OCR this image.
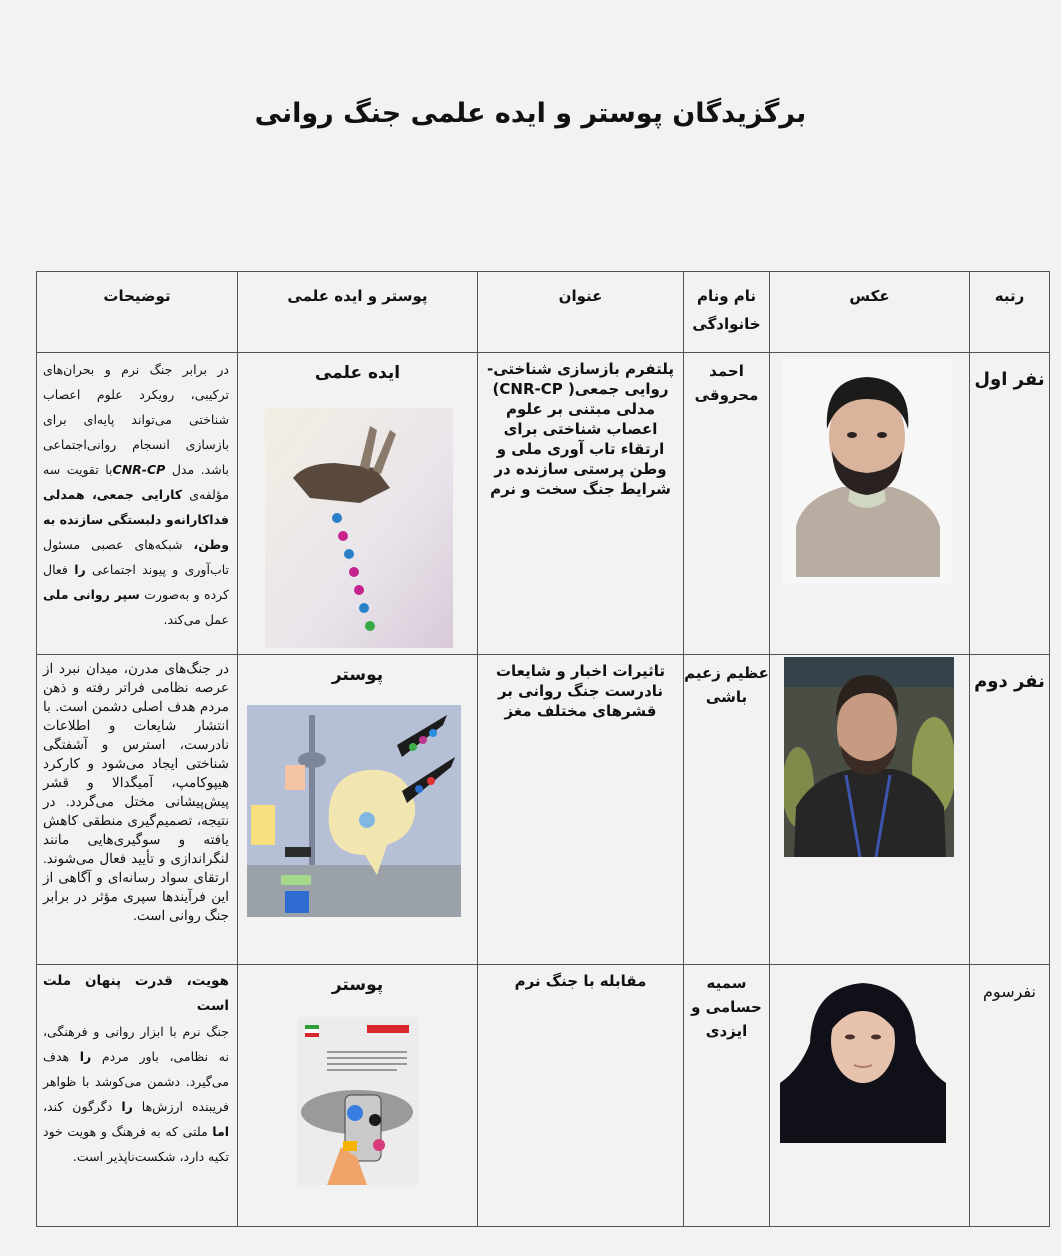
برگزیدگان پوستر و ایده علمی جنگ روانی
رتبه	عکس	نام ونام خانوادگی	عنوان	پوستر و ایده علمی	توضیحات
نفر اول		احمد محروقی	پلتفرم بازسازی شناختی- روایی جمعی( CNR-CP) مدلی مبتنی بر علوم اعصاب شناختی برای ارتقاء تاب آوری ملی و وطن پرستی سازنده در شرایط جنگ سخت و نرم	ایده علمی	در برابر جنگ نرم و بحران‌های ترکیبی، رویکرد علوم اعصاب شناختی می‌تواند پایه‌ای برای بازسازی انسجام روانی‌اجتماعی باشد. مدل CNR-CPبا تقویت سه مؤلفه‌ی کارایی جمعی، همدلی فداکارانه‌و دلبستگی سازنده به وطن، شبکه‌های عصبی مسئول تاب‌آوری و پیوند اجتماعی را فعال کرده و به‌صورت سپر روانی ملی عمل می‌کند.
نفر دوم		عظیم زعیم باشی	تاثیرات اخبار و شایعات نادرست جنگ روانی بر قشرهای مختلف مغز	پوستر	در جنگ‌های مدرن، میدان نبرد از عرصه نظامی فراتر رفته و ذهن مردم هدف اصلی دشمن است. با انتشار شایعات و اطلاعات نادرست، استرس و آشفتگی شناختی ایجاد می‌شود و کارکرد هیپوکامپ، آمیگدالا و قشر پیش‌پیشانی مختل می‌گردد. در نتیجه، تصمیم‌گیری منطقی کاهش یافته و سوگیری‌هایی مانند لنگراندازی و تأیید فعال می‌شوند. ارتقای سواد رسانه‌ای و آگاهی از این فرآیندها سپری مؤثر در برابر جنگ روانی است.
نفرسوم		سمیه حسامی و ایزدی	مقابله با جنگ نرم	پوستر	هویت، قدرت پنهان ملت است
جنگ نرم با ابزار روانی و فرهنگی، نه نظامی، باور مردم را هدف می‌گیرد. دشمن می‌کوشد با ظواهر فریبنده ارزش‌ها را دگرگون کند، اما ملتی که به فرهنگ و هویت خود تکیه دارد، شکست‌ناپذیر است.
